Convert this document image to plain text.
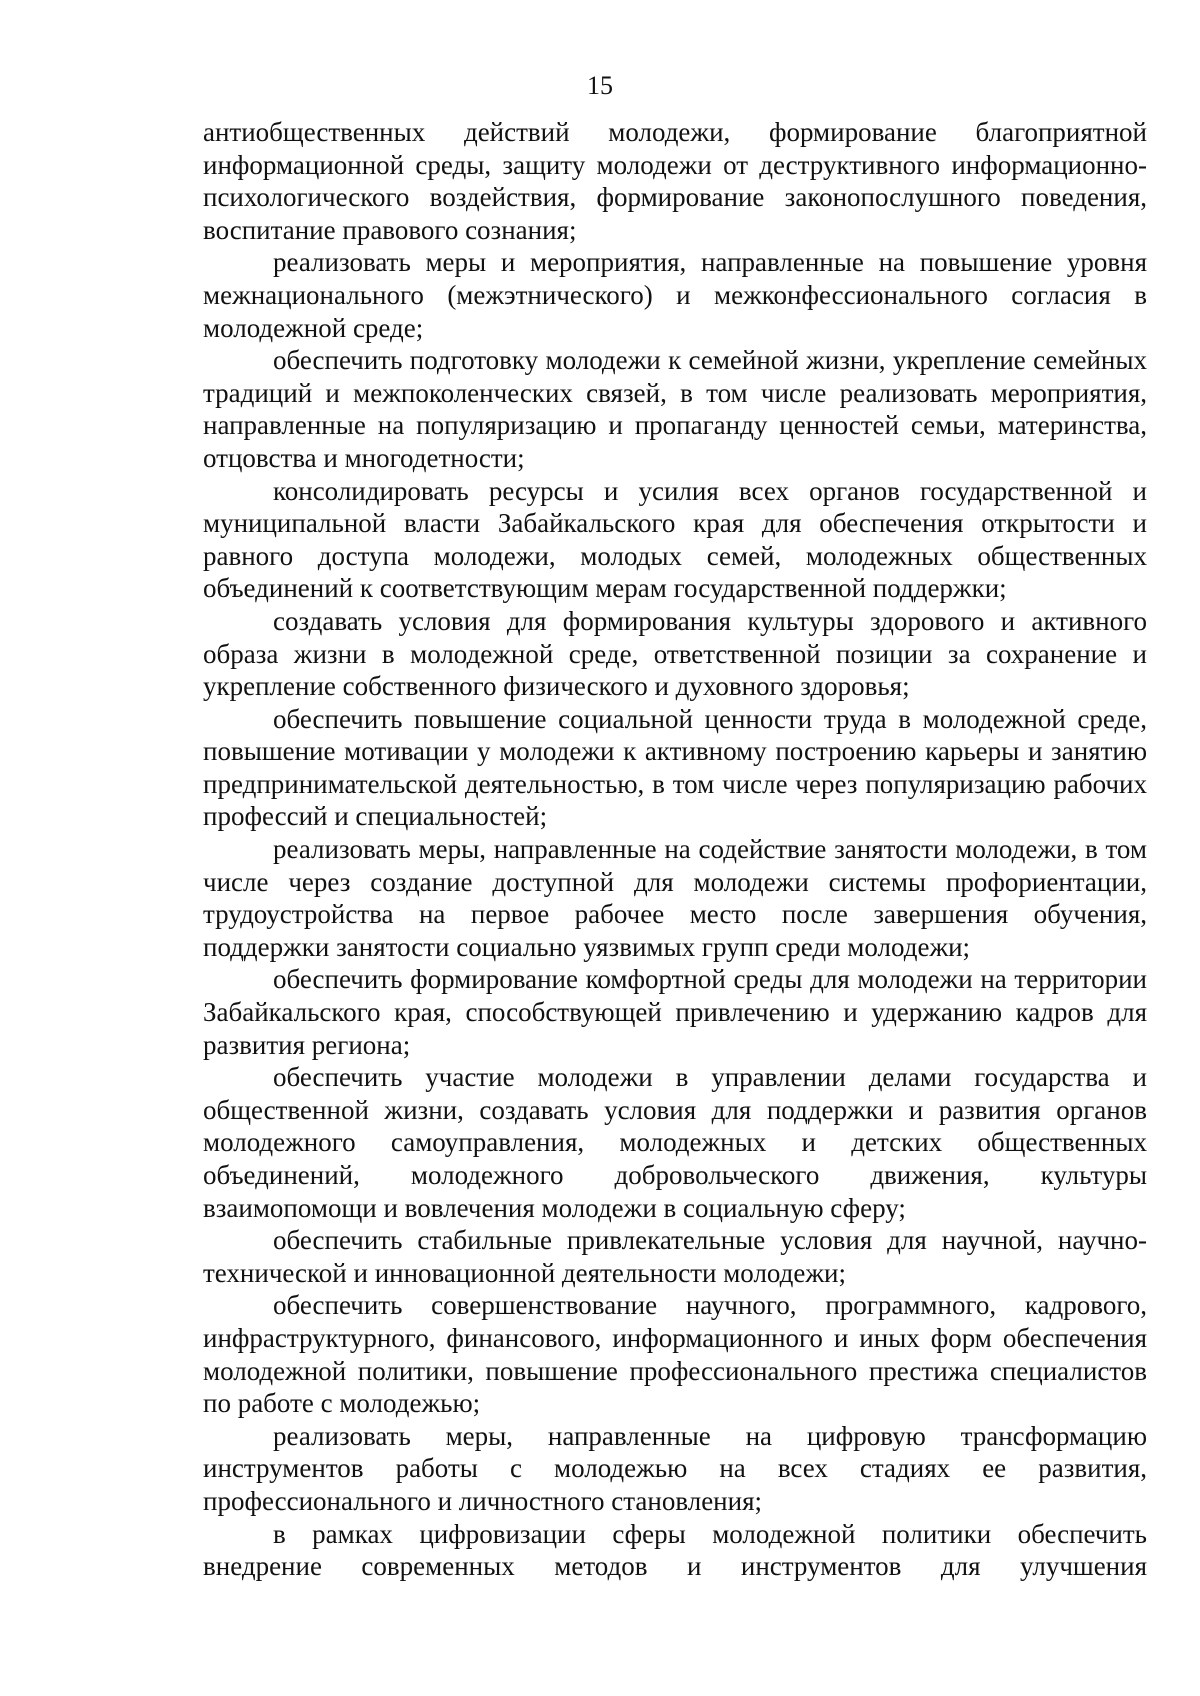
15

антиобщественных действий молодежи, формирование благоприятной информационной среды, защиту молодежи от деструктивного информационно-психологического воздействия, формирование законопослушного поведения, воспитание правового сознания;

реализовать меры и мероприятия, направленные на повышение уровня межнационального (межэтнического) и межконфессионального согласия в молодежной среде;

обеспечить подготовку молодежи к семейной жизни, укрепление семейных традиций и межпоколенческих связей, в том числе реализовать мероприятия, направленные на популяризацию и пропаганду ценностей семьи, материнства, отцовства и многодетности;

консолидировать ресурсы и усилия всех органов государственной и муниципальной власти Забайкальского края для обеспечения открытости и равного доступа молодежи, молодых семей, молодежных общественных объединений к соответствующим мерам государственной поддержки;

создавать условия для формирования культуры здорового и активного образа жизни в молодежной среде, ответственной позиции за сохранение и укрепление собственного физического и духовного здоровья;

обеспечить повышение социальной ценности труда в молодежной среде, повышение мотивации у молодежи к активному построению карьеры и занятию предпринимательской деятельностью, в том числе через популяризацию рабочих профессий и специальностей;

реализовать меры, направленные на содействие занятости молодежи, в том числе через создание доступной для молодежи системы профориентации, трудоустройства на первое рабочее место после завершения обучения, поддержки занятости социально уязвимых групп среди молодежи;

обеспечить формирование комфортной среды для молодежи на территории Забайкальского края, способствующей привлечению и удержанию кадров для развития региона;

обеспечить участие молодежи в управлении делами государства и общественной жизни, создавать условия для поддержки и развития органов молодежного самоуправления, молодежных и детских общественных объединений, молодежного добровольческого движения, культуры взаимопомощи и вовлечения молодежи в социальную сферу;

обеспечить стабильные привлекательные условия для научной, научно-технической и инновационной деятельности молодежи;

обеспечить совершенствование научного, программного, кадрового, инфраструктурного, финансового, информационного и иных форм обеспечения молодежной политики, повышение профессионального престижа специалистов по работе с молодежью;

реализовать меры, направленные на цифровую трансформацию инструментов работы с молодежью на всех стадиях ее развития, профессионального и личностного становления;

в рамках цифровизации сферы молодежной политики обеспечить внедрение современных методов и инструментов для улучшения
